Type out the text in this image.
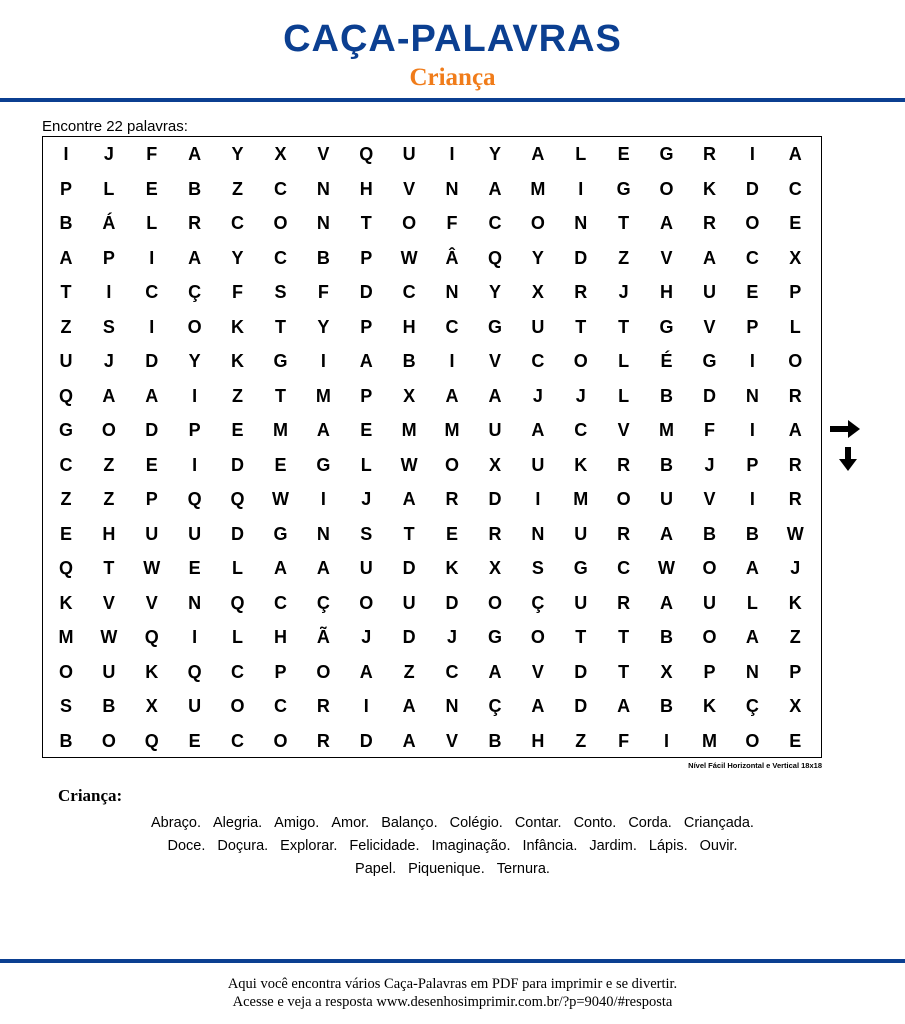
CAÇA-PALAVRAS
Criança
Encontre 22 palavras:
I	J	F	A	Y	X	V	Q	U	I	Y	A	L	E	G	R	I	A
P	L	E	B	Z	C	N	H	V	N	A	M	I	G	O	K	D	C
B	Á	L	R	C	O	N	T	O	F	C	O	N	T	A	R	O	E
A	P	I	A	Y	C	B	P	W	Â	Q	Y	D	Z	V	A	C	X
T	I	C	Ç	F	S	F	D	C	N	Y	X	R	J	H	U	E	P
Z	S	I	O	K	T	Y	P	H	C	G	U	T	T	G	V	P	L
U	J	D	Y	K	G	I	A	B	I	V	C	O	L	É	G	I	O
Q	A	A	I	Z	T	M	P	X	A	A	J	J	L	B	D	N	R
G	O	D	P	E	M	A	E	M	M	U	A	C	V	M	F	I	A
C	Z	E	I	D	E	G	L	W	O	X	U	K	R	B	J	P	R
Z	Z	P	Q	Q	W	I	J	A	R	D	I	M	O	U	V	I	R
E	H	U	U	D	G	N	S	T	E	R	N	U	R	A	B	B	W
Q	T	W	E	L	A	A	U	D	K	X	S	G	C	W	O	A	J
K	V	V	N	Q	C	Ç	O	U	D	O	Ç	U	R	A	U	L	K
M	W	Q	I	L	H	Ã	J	D	J	G	O	T	T	B	O	A	Z
O	U	K	Q	C	P	O	A	Z	C	A	V	D	T	X	P	N	P
S	B	X	U	O	C	R	I	A	N	Ç	A	D	A	B	K	Ç	X
B	O	Q	E	C	O	R	D	A	V	B	H	Z	F	I	M	O	E
Nível Fácil Horizontal e Vertical 18x18
Criança:
Abraço. Alegria. Amigo. Amor. Balanço. Colégio. Contar. Conto. Corda. Criançada.
Doce. Doçura. Explorar. Felicidade. Imaginação. Infância. Jardim. Lápis. Ouvir.
Papel. Piquenique. Ternura.
Aqui você encontra vários Caça-Palavras em PDF para imprimir e se divertir.
Acesse e veja a resposta www.desenhosimprimir.com.br/?p=9040/#resposta
